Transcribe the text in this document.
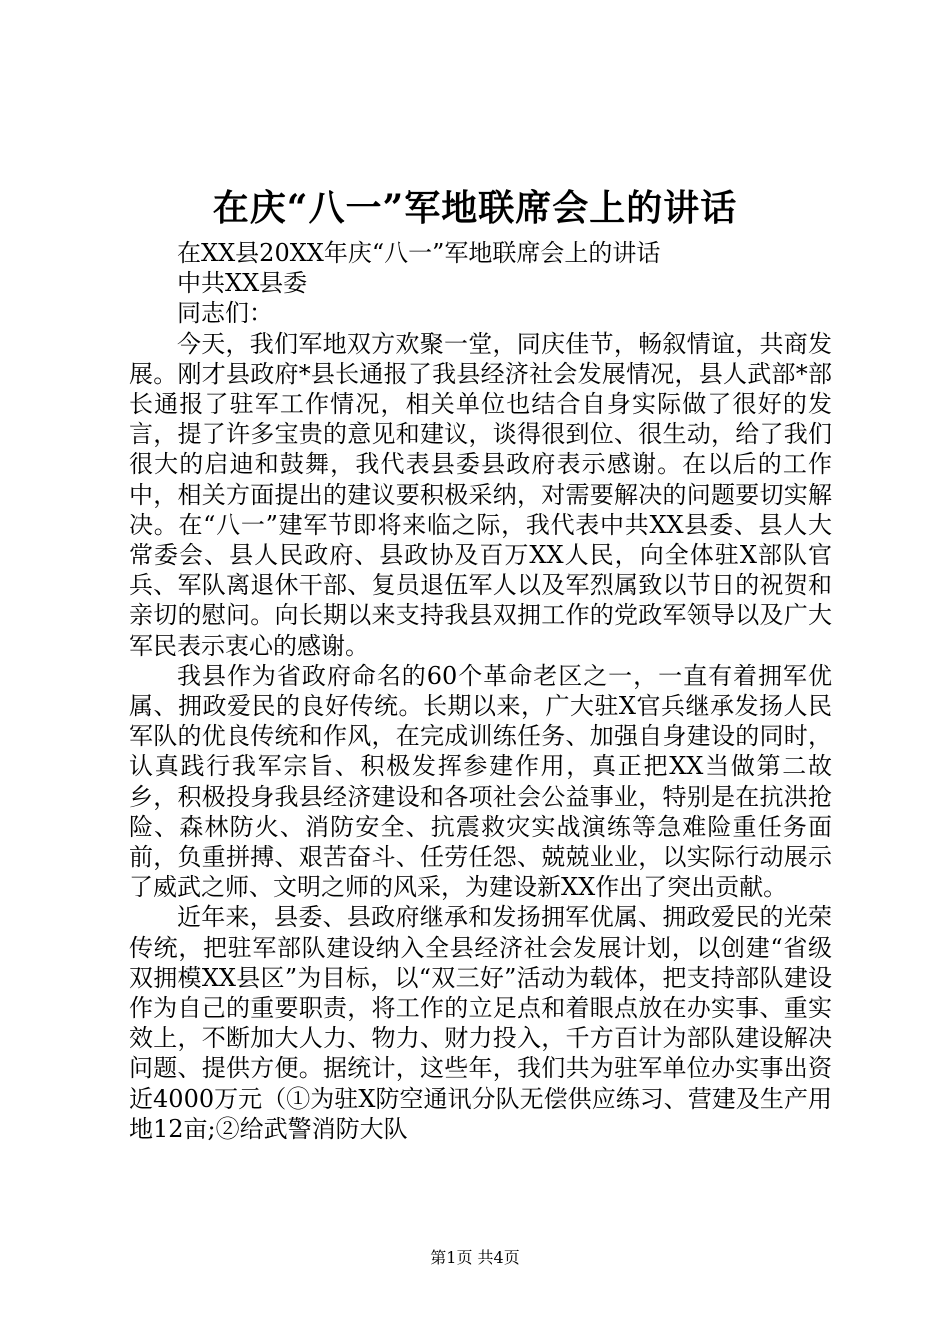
在庆“八一”军地联席会上的讲话

在XX县20XX年庆“八一”军地联席会上的讲话

中共XX县委

同志们：

今天，我们军地双方欢聚一堂，同庆佳节，畅叙情谊，共商发展。刚才县政府*县长通报了我县经济社会发展情况，县人武部*部长通报了驻军工作情况，相关单位也结合自身实际做了很好的发言，提了许多宝贵的意见和建议，谈得很到位、很生动，给了我们很大的启迪和鼓舞，我代表县委县政府表示感谢。在以后的工作中，相关方面提出的建议要积极采纳，对需要解决的问题要切实解决。在“八一”建军节即将来临之际，我代表中共XX县委、县人大常委会、县人民政府、县政协及百万XX人民，向全体驻X部队官兵、军队离退休干部、复员退伍军人以及军烈属致以节日的祝贺和亲切的慰问。向长期以来支持我县双拥工作的党政军领导以及广大军民表示衷心的感谢。

我县作为省政府命名的60个革命老区之一，一直有着拥军优属、拥政爱民的良好传统。长期以来，广大驻X官兵继承发扬人民军队的优良传统和作风，在完成训练任务、加强自身建设的同时，认真践行我军宗旨、积极发挥参建作用，真正把XX当做第二故乡，积极投身我县经济建设和各项社会公益事业，特别是在抗洪抢险、森林防火、消防安全、抗震救灾实战演练等急难险重任务面前，负重拼搏、艰苦奋斗、任劳任怨、兢兢业业，以实际行动展示了威武之师、文明之师的风采，为建设新XX作出了突出贡献。

近年来，县委、县政府继承和发扬拥军优属、拥政爱民的光荣传统，把驻军部队建设纳入全县经济社会发展计划，以创建“省级双拥模XX县区”为目标，以“双三好”活动为载体，把支持部队建设作为自己的重要职责，将工作的立足点和着眼点放在办实事、重实效上，不断加大人力、物力、财力投入，千方百计为部队建设解决问题、提供方便。据统计，这些年，我们共为驻军单位办实事出资近4000万元（①为驻X防空通讯分队无偿供应练习、营建及生产用地12亩;②给武警消防大队

第1页 共4页
